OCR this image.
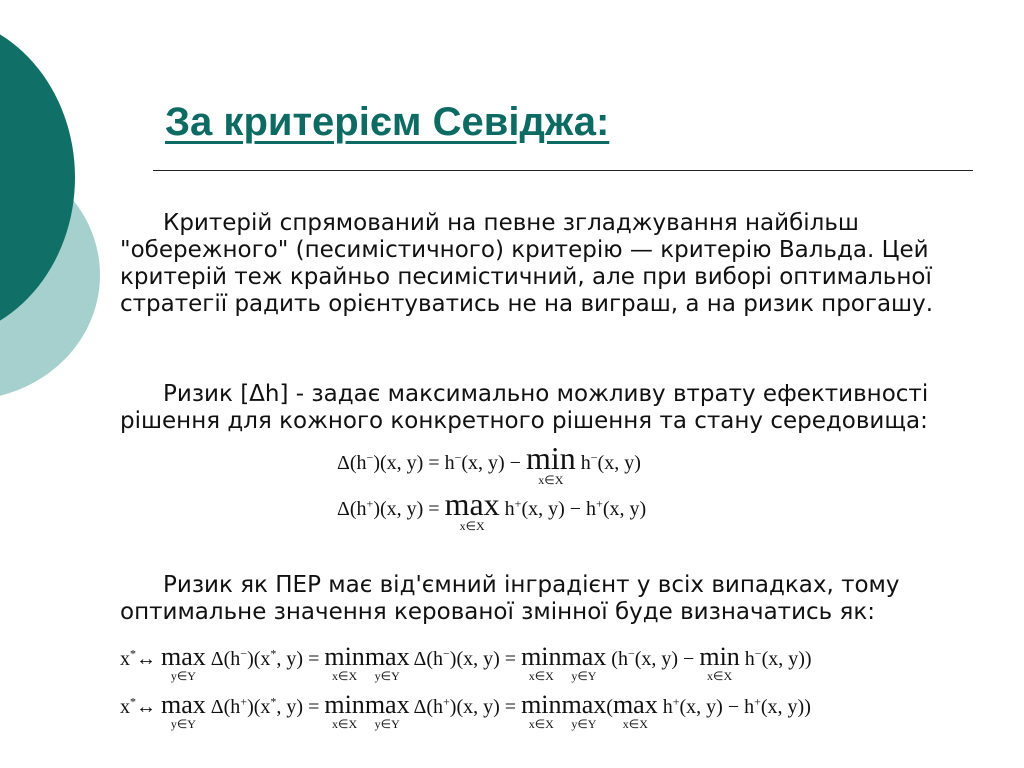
За критерієм Севіджа:

Критерій спрямований на певне згладжування найбільш "обережного" (песимістичного) критерію — критерію Вальда. Цей критерій теж крайньо песимістичний, але при виборі оптимальної стратегії радить орієнтуватись не на виграш, а на ризик прогашу.

Ризик [Δh] - задає максимально можливу втрату ефективності рішення для кожного конкретного рішення та стану середовища:

Δ(h−)(x, y) = h−(x, y) − min
x∈X
h−(x, y)
Δ(h+)(x, y) = max
x∈X
h+(x, y) − h+(x, y)

Ризик як ПЕР має від'ємний інградієнт у всіх випадках, тому оптимальне значення керованої змінної буде визначатись як:

x*↔ max
y∈Y
Δ(h−)(x*, y) = min
x∈X
max
y∈Y
Δ(h−)(x, y) = min
x∈X
max
y∈Y
(h−(x, y) − min
x∈X
h−(x, y))
x*↔ max
y∈Y
Δ(h+)(x*, y) = min
x∈X
max
y∈Y
Δ(h+)(x, y) = min
x∈X
max
y∈Y
(max
x∈X
h+(x, y) − h+(x, y))
